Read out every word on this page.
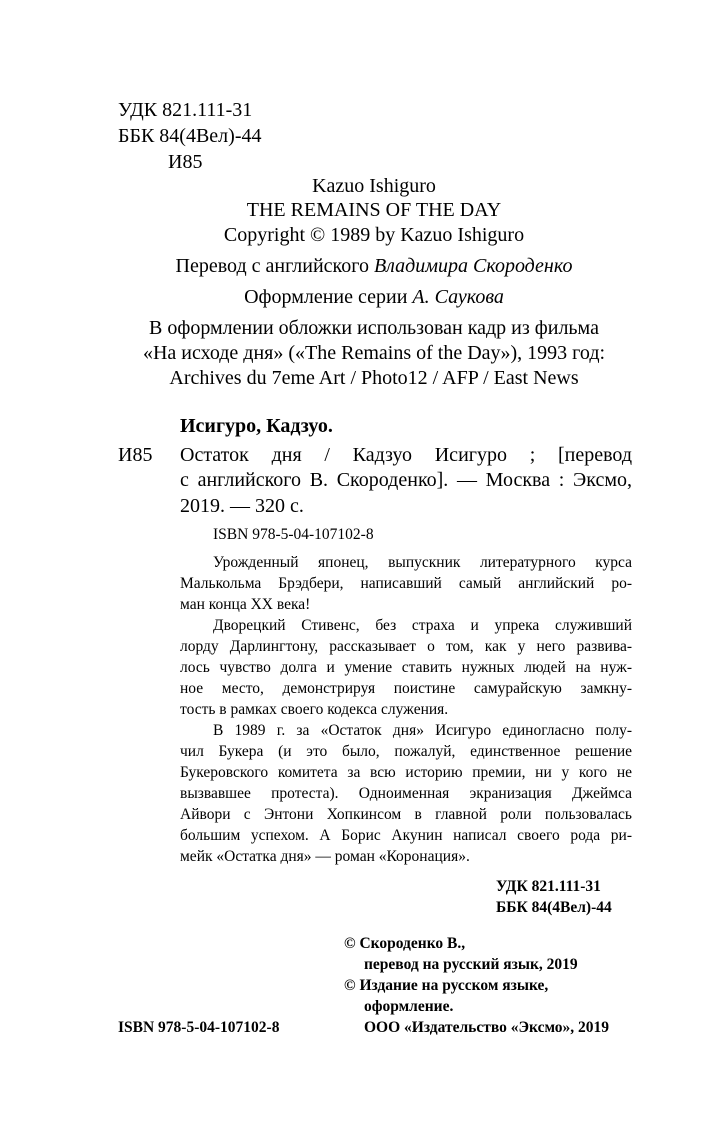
УДК 821.111-31
ББК 84(4Вел)-44
И85
Kazuo Ishiguro
THE REMAINS OF THE DAY
Copyright © 1989 by Kazuo Ishiguro
Перевод с английского Владимира Скороденко
Оформление серии А. Саукова
В оформлении обложки использован кадр из фильма
«На исходе дня» («The Remains of the Day»), 1993 год:
Archives du 7eme Art / Photo12 / AFP / East News
Исигуро, Кадзуо.
И85 Остаток дня / Кадзуо Исигуро ; [перевод
с английского В. Скороденко]. — Москва : Эксмо,
2019. — 320 с.
ISBN 978-5-04-107102-8
Урожденный японец, выпускник литературного курса
Малькольма Брэдбери, написавший самый английский ро-
ман конца XX века!
Дворецкий Стивенс, без страха и упрека служивший
лорду Дарлингтону, рассказывает о том, как у него развива-
лось чувство долга и умение ставить нужных людей на нуж-
ное место, демонстрируя поистине самурайскую замкну-
тость в рамках своего кодекса служения.
В 1989 г. за «Остаток дня» Исигуро единогласно полу-
чил Букера (и это было, пожалуй, единственное решение
Букеровского комитета за всю историю премии, ни у кого не
вызвавшее протеста). Одноименная экранизация Джеймса
Айвори с Энтони Хопкинсом в главной роли пользовалась
большим успехом. А Борис Акунин написал своего рода ри-
мейк «Остатка дня» — роман «Коронация».
УДК 821.111-31
ББК 84(4Вел)-44
© Скороденко В.,
перевод на русский язык, 2019
© Издание на русском языке,
оформление.
ООО «Издательство «Эксмо», 2019
ISBN 978-5-04-107102-8
